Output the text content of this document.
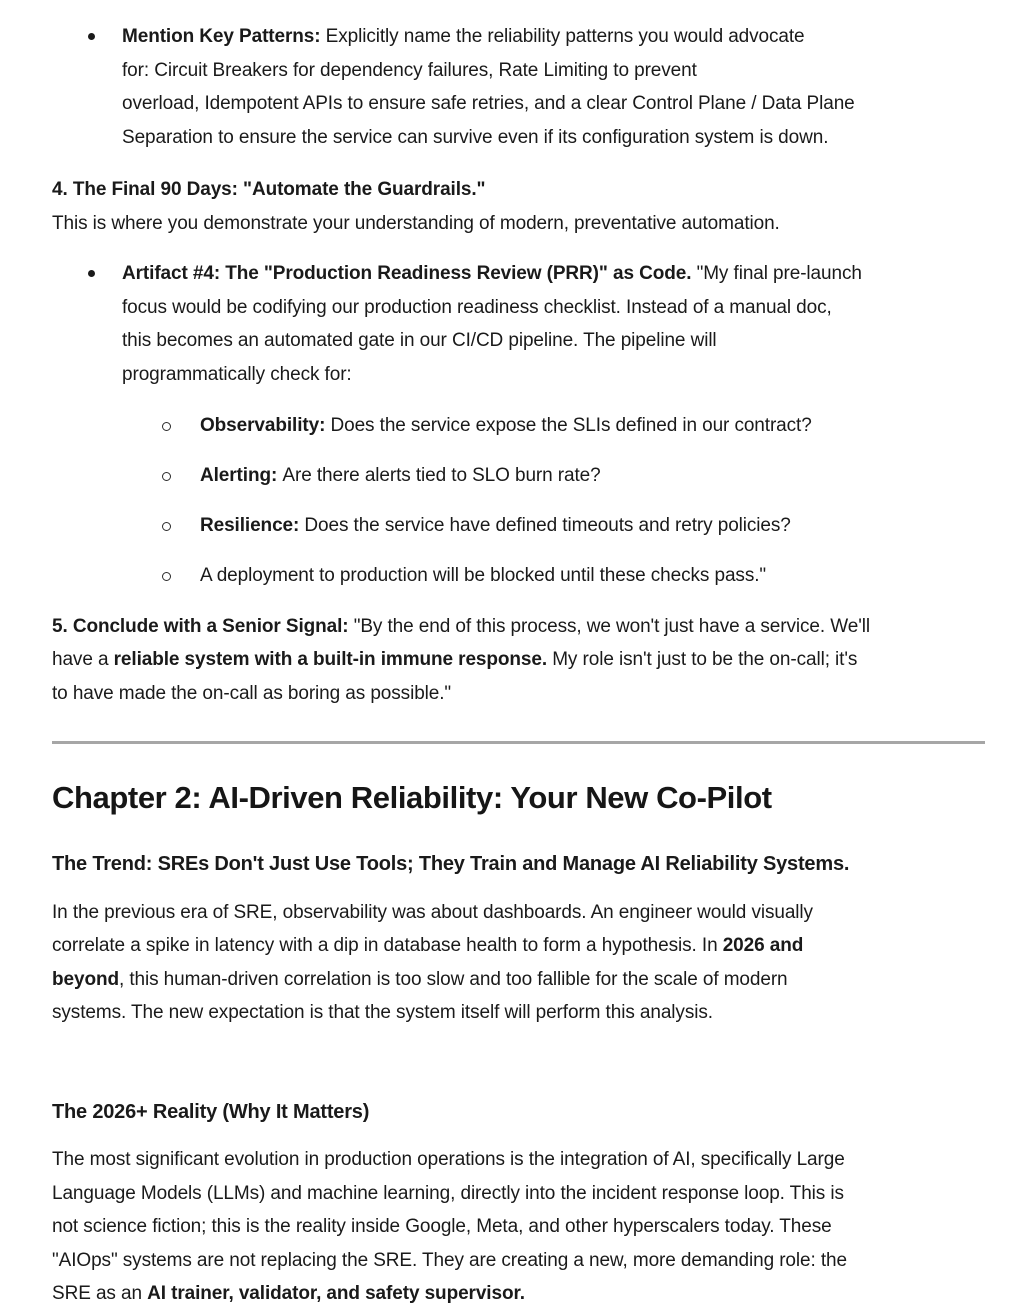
Mention Key Patterns: Explicitly name the reliability patterns you would advocate
for: Circuit Breakers for dependency failures, Rate Limiting to prevent
overload, Idempotent APIs to ensure safe retries, and a clear Control Plane / Data Plane
Separation to ensure the service can survive even if its configuration system is down.

4. The Final 90 Days: "Automate the Guardrails."
This is where you demonstrate your understanding of modern, preventative automation.

Artifact #4: The "Production Readiness Review (PRR)" as Code. "My final pre-launch
focus would be codifying our production readiness checklist. Instead of a manual doc,
this becomes an automated gate in our CI/CD pipeline. The pipeline will
programmatically check for:
Observability: Does the service expose the SLIs defined in our contract?
Alerting: Are there alerts tied to SLO burn rate?
Resilience: Does the service have defined timeouts and retry policies?
A deployment to production will be blocked until these checks pass."

5. Conclude with a Senior Signal: "By the end of this process, we won't just have a service. We'll
have a reliable system with a built-in immune response. My role isn't just to be the on-call; it's
to have made the on-call as boring as possible."

Chapter 2: AI-Driven Reliability: Your New Co-Pilot

The Trend: SREs Don't Just Use Tools; They Train and Manage AI Reliability Systems.

In the previous era of SRE, observability was about dashboards. An engineer would visually
correlate a spike in latency with a dip in database health to form a hypothesis. In 2026 and
beyond, this human-driven correlation is too slow and too fallible for the scale of modern
systems. The new expectation is that the system itself will perform this analysis.

The 2026+ Reality (Why It Matters)

The most significant evolution in production operations is the integration of AI, specifically Large
Language Models (LLMs) and machine learning, directly into the incident response loop. This is
not science fiction; this is the reality inside Google, Meta, and other hyperscalers today. These
"AIOps" systems are not replacing the SRE. They are creating a new, more demanding role: the
SRE as an AI trainer, validator, and safety supervisor.
